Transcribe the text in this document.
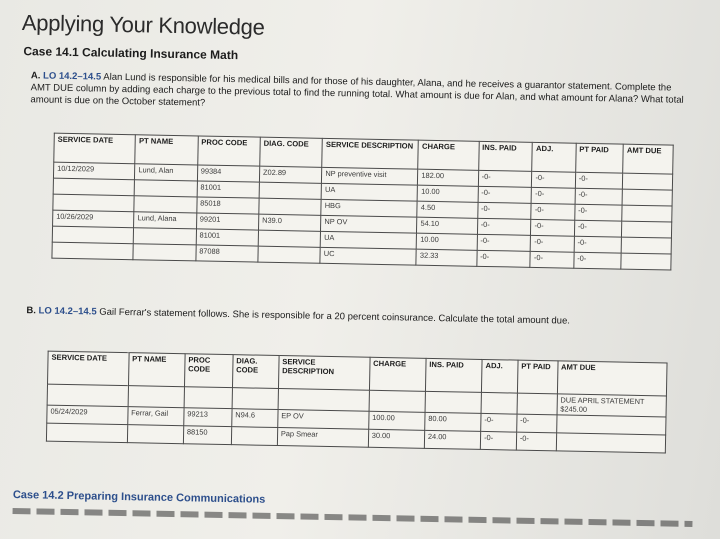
Applying Your Knowledge
Case 14.1 Calculating Insurance Math
A. LO 14.2–14.5 Alan Lund is responsible for his medical bills and for those of his daughter, Alana, and he receives a guarantor statement. Complete the AMT DUE column by adding each charge to the previous total to find the running total. What amount is due for Alan, and what amount for Alana? What total amount is due on the October statement?
SERVICE DATE	PT NAME	PROC CODE	DIAG. CODE	SERVICE DESCRIPTION	CHARGE	INS. PAID	ADJ.	PT PAID	AMT DUE
10/12/2029	Lund, Alan	99384	Z02.89	NP preventive visit	182.00	-0-	-0-	-0-	
		81001		UA	10.00	-0-	-0-	-0-	
		85018		HBG	4.50	-0-	-0-	-0-	
10/26/2029	Lund, Alana	99201	N39.0	NP OV	54.10	-0-	-0-	-0-	
		81001		UA	10.00	-0-	-0-	-0-	
		87088		UC	32.33	-0-	-0-	-0-	
B. LO 14.2–14.5 Gail Ferrar's statement follows. She is responsible for a 20 percent coinsurance. Calculate the total amount due.
SERVICE DATE	PT NAME	PROC CODE	DIAG. CODE	SERVICE DESCRIPTION	CHARGE	INS. PAID	ADJ.	PT PAID	AMT DUE
									DUE APRIL STATEMENT $245.00
05/24/2029	Ferrar, Gail	99213	N94.6	EP OV	100.00	80.00	-0-	-0-	
		88150		Pap Smear	30.00	24.00	-0-	-0-	
Case 14.2 Preparing Insurance Communications
